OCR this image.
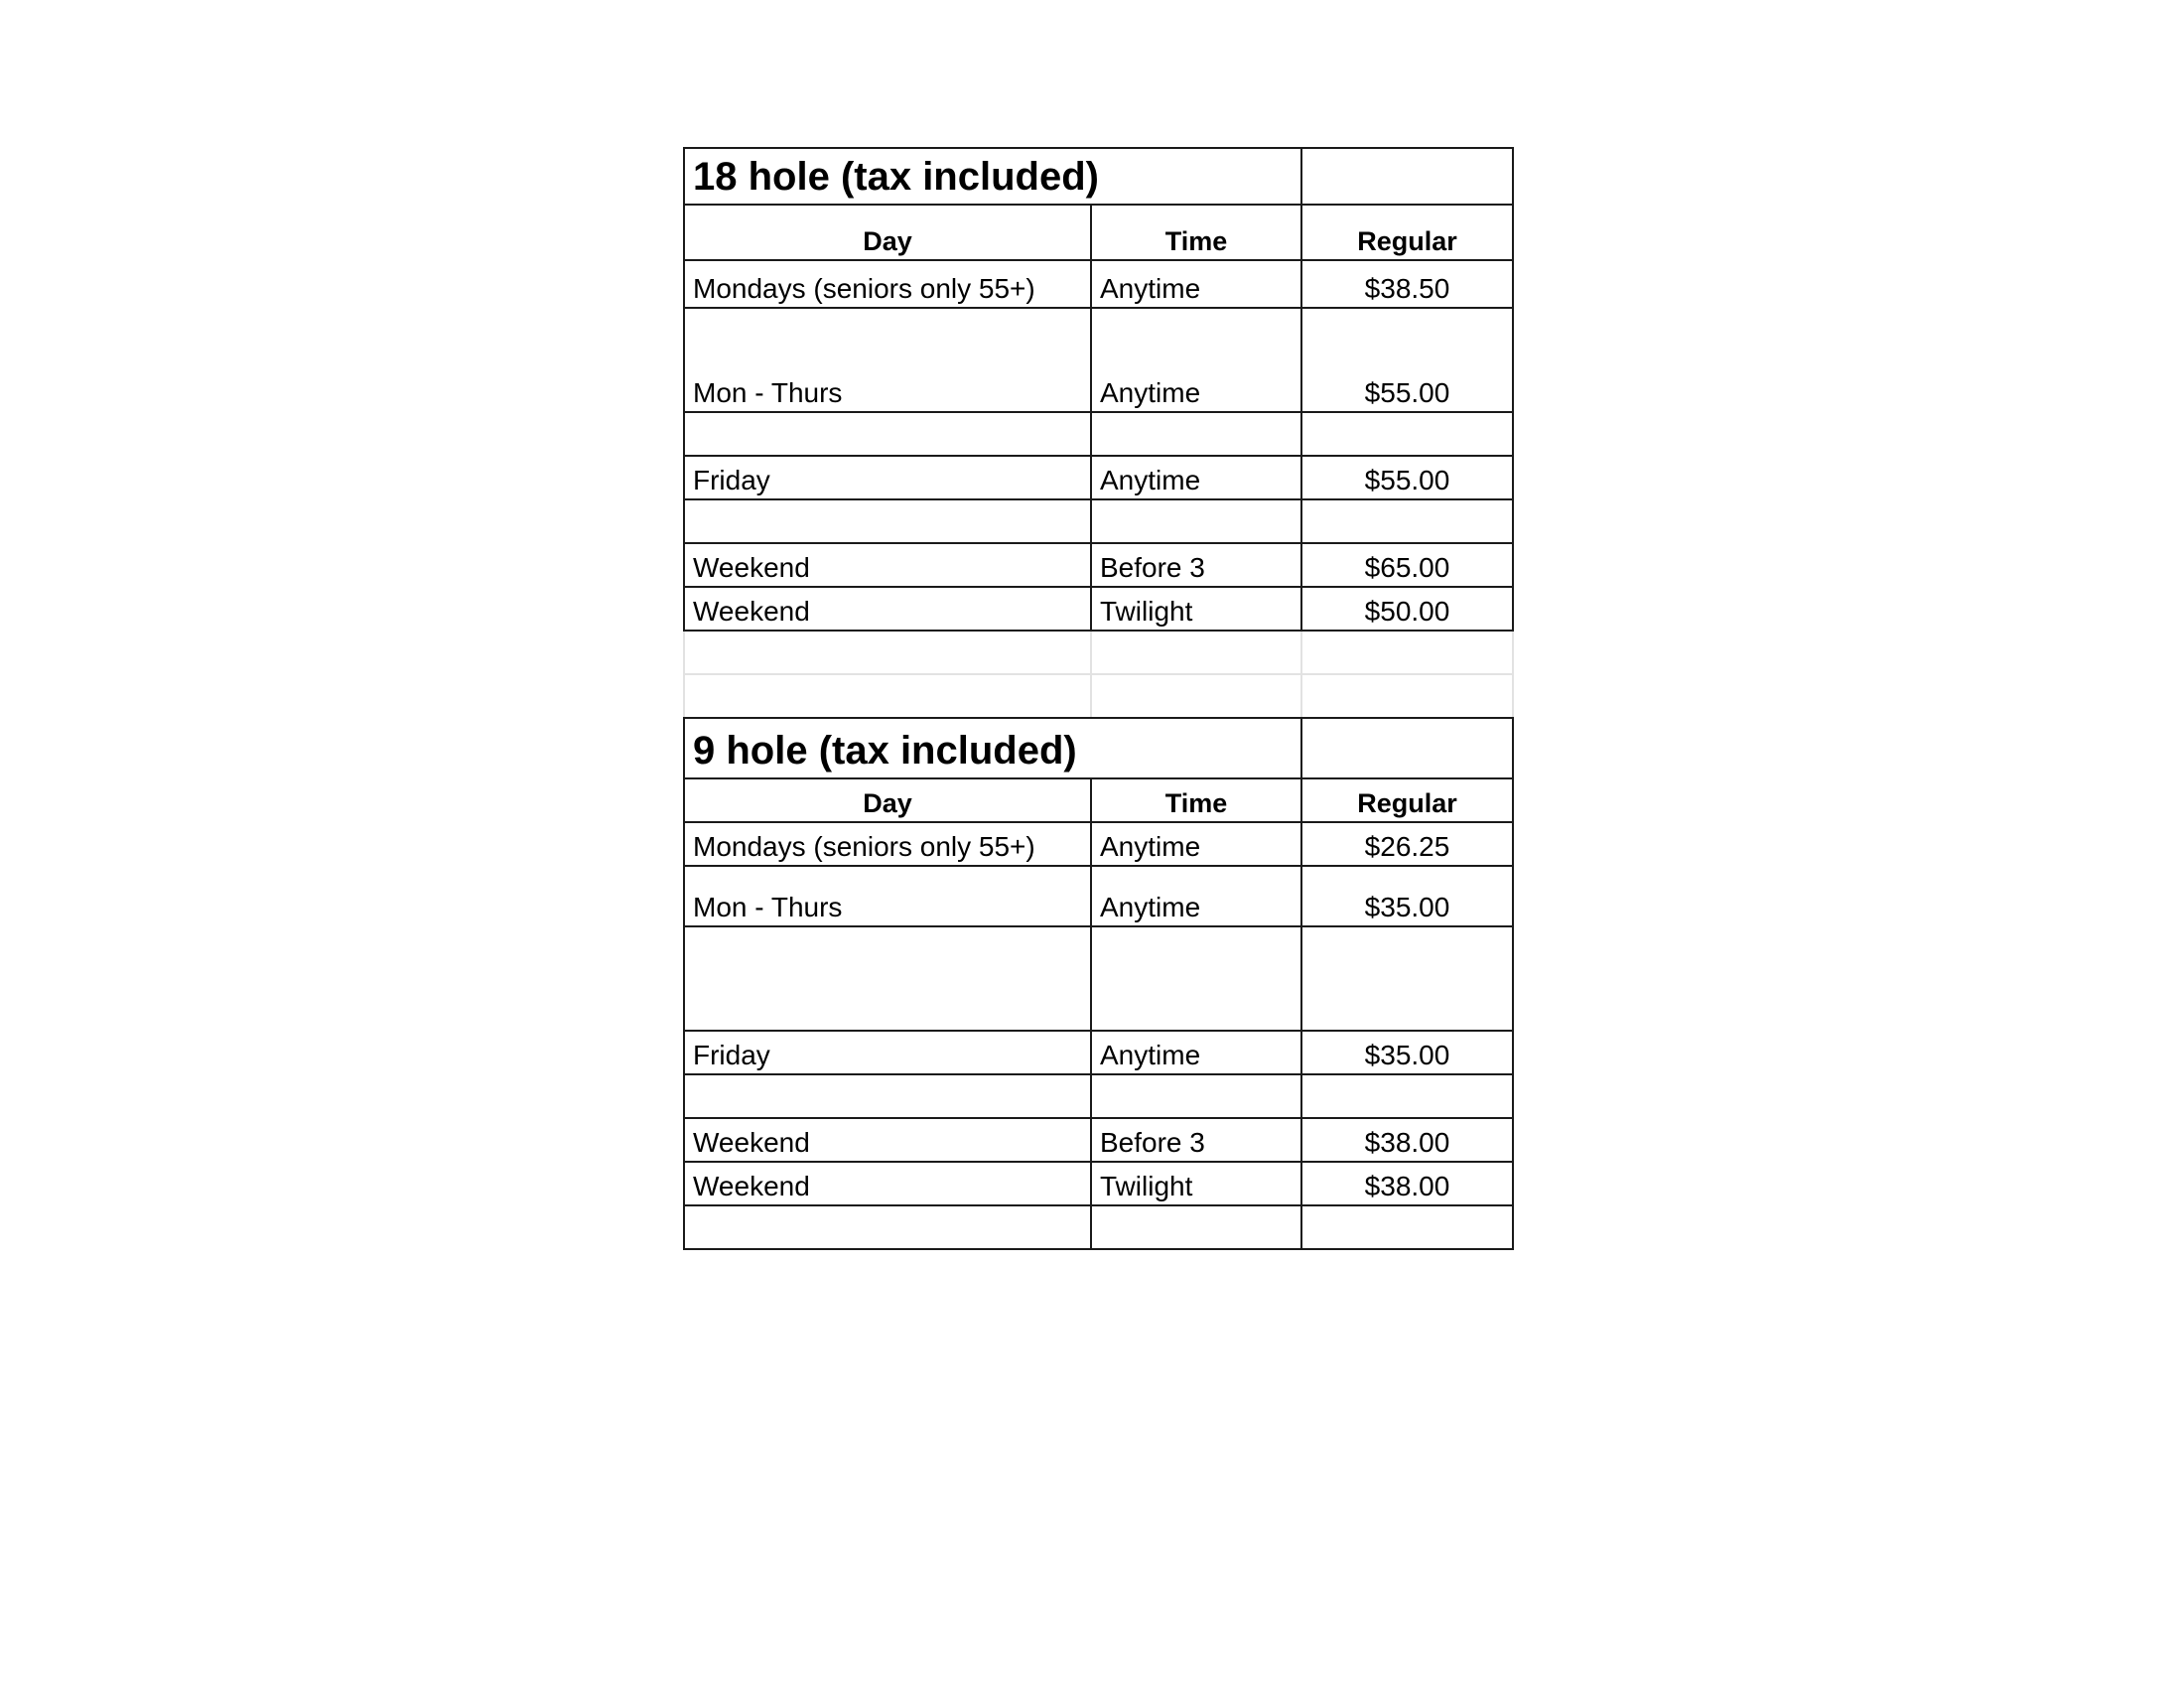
18 hole (tax included)		
Day	Time	Regular
Mondays (seniors only 55+)	Anytime	$38.50
Mon - Thurs	Anytime	$55.00

Friday	Anytime	$55.00

Weekend	Before 3	$65.00
Weekend	Twilight	$50.00

9 hole (tax included)		
Day	Time	Regular
Mondays (seniors only 55+)	Anytime	$26.25
Mon - Thurs	Anytime	$35.00

Friday	Anytime	$35.00

Weekend	Before 3	$38.00
Weekend	Twilight	$38.00
